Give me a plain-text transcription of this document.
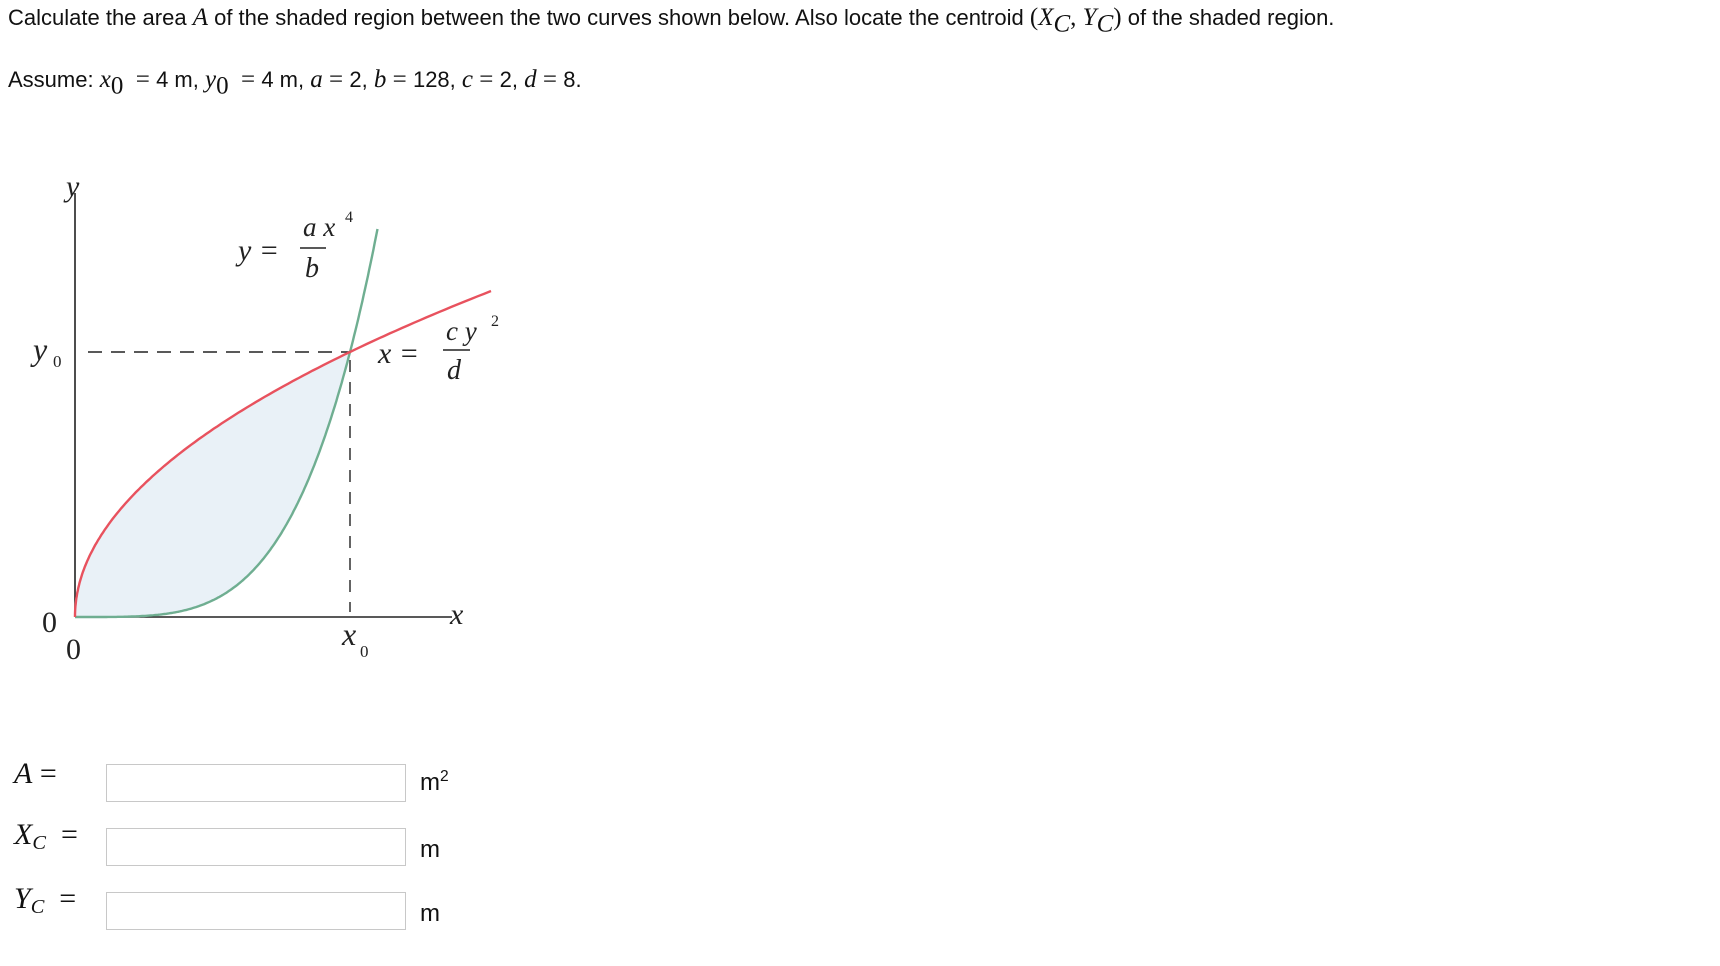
Calculate the area A of the shaded region between the two curves shown below. Also locate the centroid ($X_C$, $Y_C$) of the shaded region.
Assume: $x_0 = 4$ m, $y_0 = 4$ m, a = 2, b = 128, c = 2, d = 8.
y
x
y 0
x 0
0
0
y =
a x 4
b
x =
c y 2
d
A =	$m^2$
$X_C$  =	m
$Y_C$  =	m
